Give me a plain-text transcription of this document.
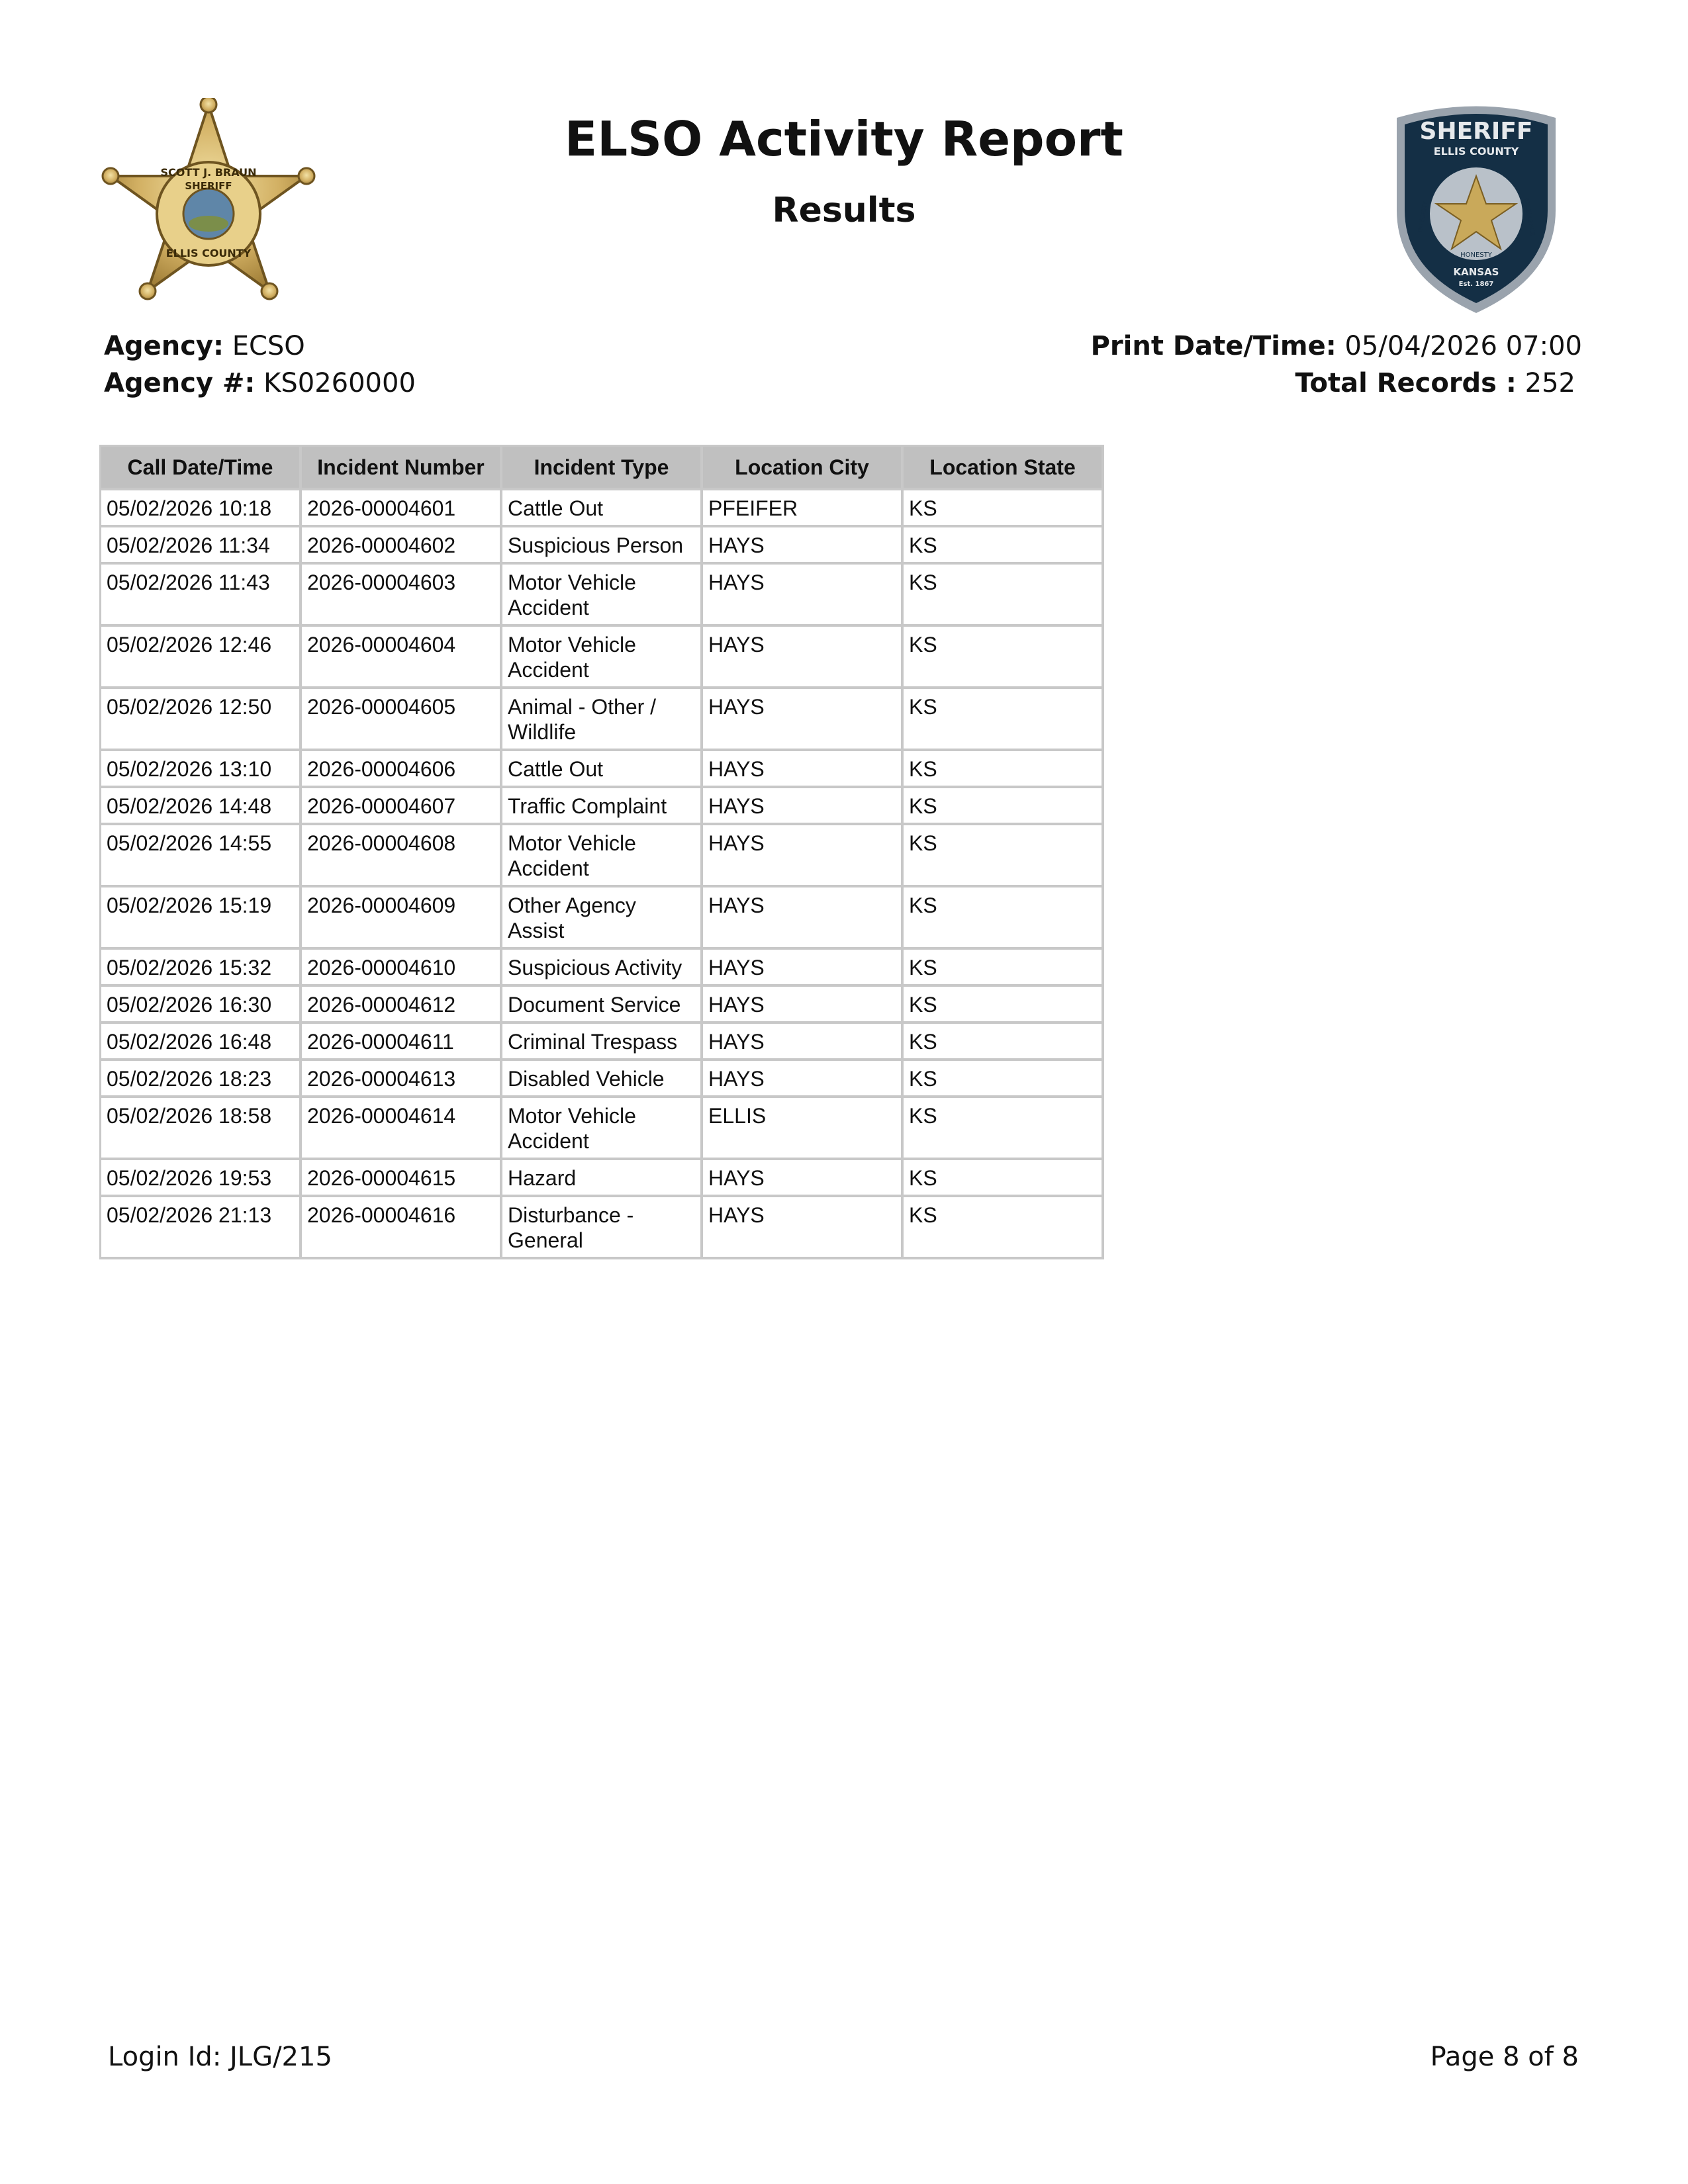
SCOTT J. BRAUN
SHERIFF
ELLIS COUNTY
SHERIFF
ELLIS COUNTY
INTEGRITY	EXCELLENCE
HONESTY
KANSAS
Est. 1867
ELSO Activity Report
Results
Agency: ECSO
Agency #: KS0260000
Print Date/Time: 05/04/2026 07:00
Total Records : 252
Call Date/Time	Incident Number	Incident Type	Location City	Location State
05/02/2026 10:18	2026-00004601	Cattle Out	PFEIFER	KS
05/02/2026 11:34	2026-00004602	Suspicious Person	HAYS	KS
05/02/2026 11:43	2026-00004603	Motor Vehicle Accident	HAYS	KS
05/02/2026 12:46	2026-00004604	Motor Vehicle Accident	HAYS	KS
05/02/2026 12:50	2026-00004605	Animal - Other / Wildlife	HAYS	KS
05/02/2026 13:10	2026-00004606	Cattle Out	HAYS	KS
05/02/2026 14:48	2026-00004607	Traffic Complaint	HAYS	KS
05/02/2026 14:55	2026-00004608	Motor Vehicle Accident	HAYS	KS
05/02/2026 15:19	2026-00004609	Other Agency Assist	HAYS	KS
05/02/2026 15:32	2026-00004610	Suspicious Activity	HAYS	KS
05/02/2026 16:30	2026-00004612	Document Service	HAYS	KS
05/02/2026 16:48	2026-00004611	Criminal Trespass	HAYS	KS
05/02/2026 18:23	2026-00004613	Disabled Vehicle	HAYS	KS
05/02/2026 18:58	2026-00004614	Motor Vehicle Accident	ELLIS	KS
05/02/2026 19:53	2026-00004615	Hazard	HAYS	KS
05/02/2026 21:13	2026-00004616	Disturbance - General	HAYS	KS
Login Id: JLG/215	Page 8 of 8
